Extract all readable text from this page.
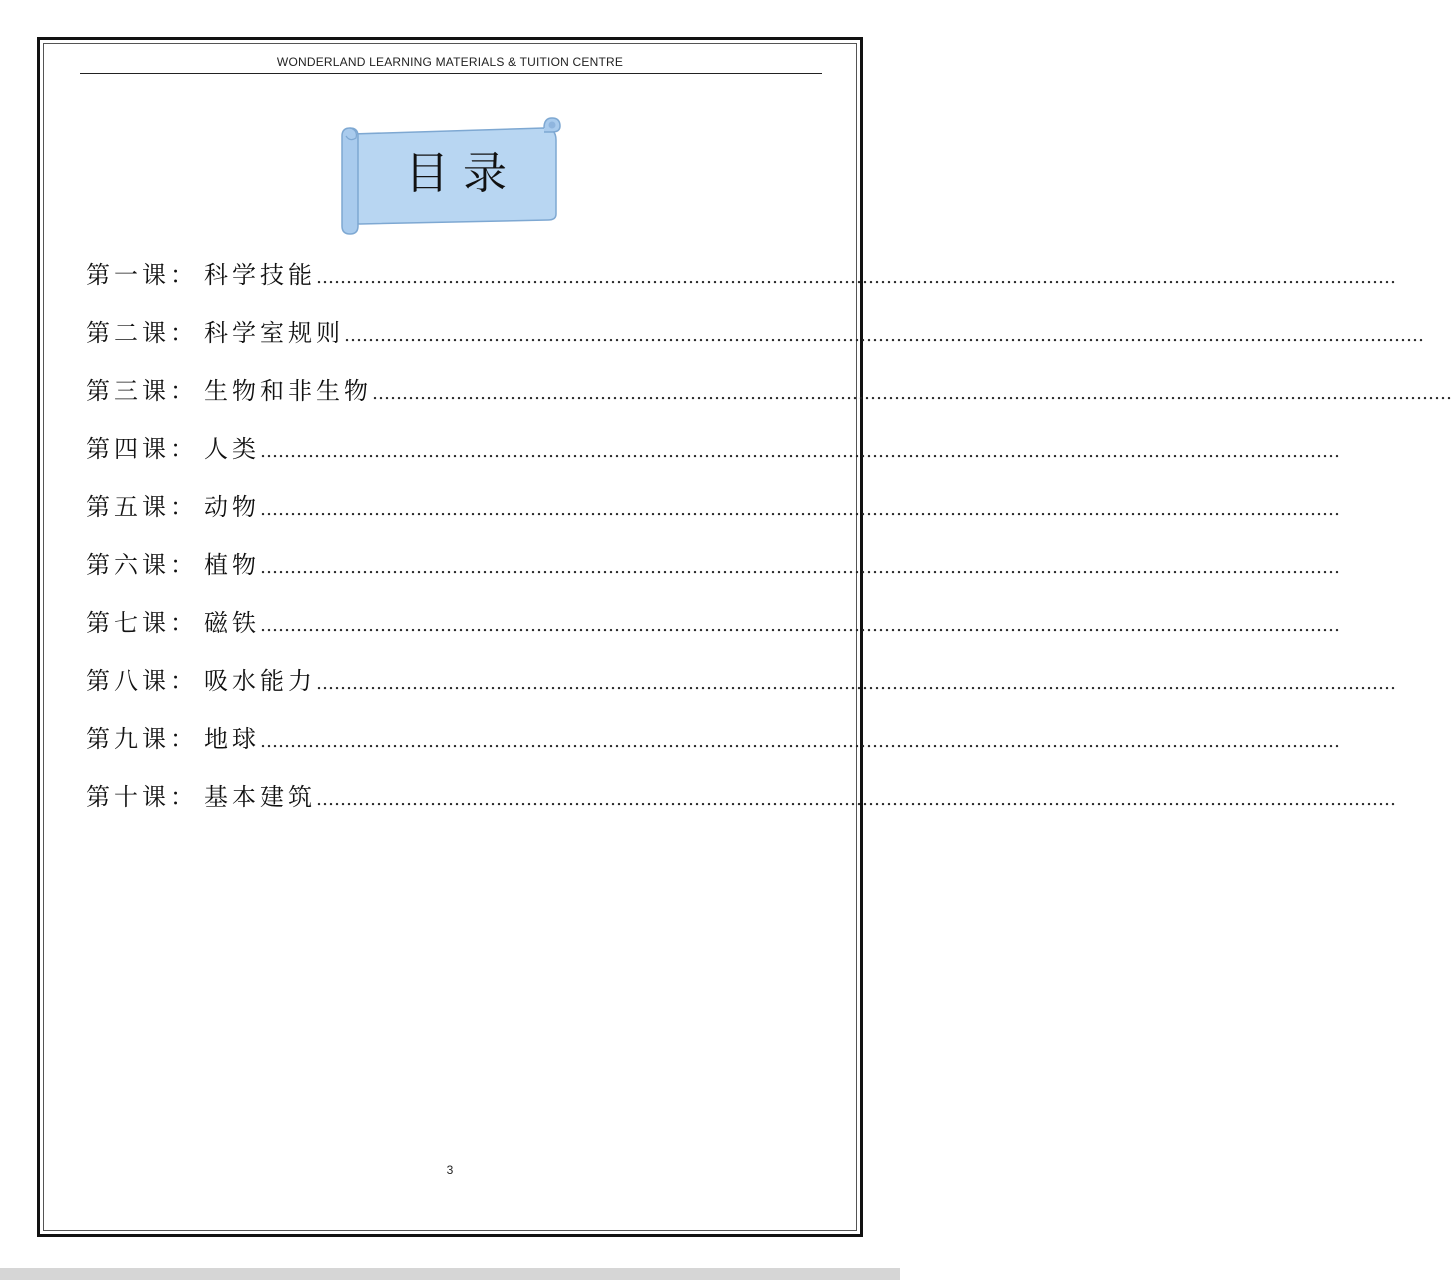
WONDERLAND LEARNING MATERIALS & TUITION CENTRE
目录
第一课： 科学技能 ………………………………………………………………………………………………………………………………………………………………
第二课： 科学室规则 ………………………………………………………………………………………………………………………………………………………………
第三课： 生物和非生物 ………………………………………………………………………………………………………………………………………………………………
第四课： 人类 ………………………………………………………………………………………………………………………………………………………………
第五课： 动物 ………………………………………………………………………………………………………………………………………………………………
第六课： 植物 ………………………………………………………………………………………………………………………………………………………………
第七课： 磁铁 ………………………………………………………………………………………………………………………………………………………………
第八课： 吸水能力 ………………………………………………………………………………………………………………………………………………………………
第九课： 地球 ………………………………………………………………………………………………………………………………………………………………
第十课： 基本建筑 ………………………………………………………………………………………………………………………………………………………………
3
